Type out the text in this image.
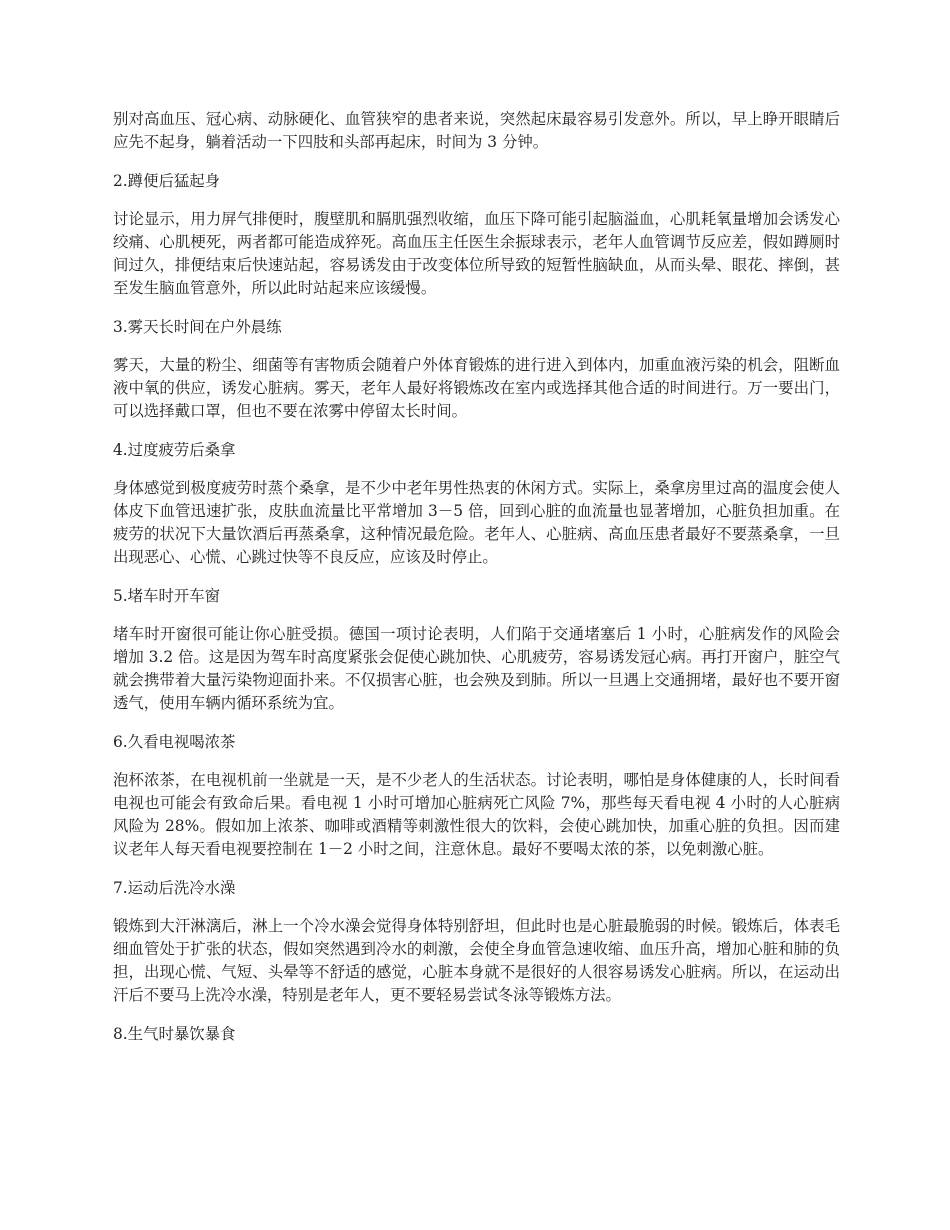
别对高血压、冠心病、动脉硬化、血管狭窄的患者来说，突然起床最容易引发意外。所以，早上睁开眼睛后应先不起身，躺着活动一下四肢和头部再起床，时间为 3 分钟。

2.蹲便后猛起身

讨论显示，用力屏气排便时，腹壁肌和膈肌强烈收缩，血压下降可能引起脑溢血，心肌耗氧量增加会诱发心绞痛、心肌梗死，两者都可能造成猝死。高血压主任医生余振球表示，老年人血管调节反应差，假如蹲厕时间过久，排便结束后快速站起，容易诱发由于改变体位所导致的短暂性脑缺血，从而头晕、眼花、摔倒，甚至发生脑血管意外，所以此时站起来应该缓慢。

3.雾天长时间在户外晨练

雾天，大量的粉尘、细菌等有害物质会随着户外体育锻炼的进行进入到体内，加重血液污染的机会，阻断血液中氧的供应，诱发心脏病。雾天，老年人最好将锻炼改在室内或选择其他合适的时间进行。万一要出门，可以选择戴口罩，但也不要在浓雾中停留太长时间。

4.过度疲劳后桑拿

身体感觉到极度疲劳时蒸个桑拿，是不少中老年男性热衷的休闲方式。实际上，桑拿房里过高的温度会使人体皮下血管迅速扩张，皮肤血流量比平常增加 3－5 倍，回到心脏的血流量也显著增加，心脏负担加重。在疲劳的状况下大量饮酒后再蒸桑拿，这种情况最危险。老年人、心脏病、高血压患者最好不要蒸桑拿，一旦出现恶心、心慌、心跳过快等不良反应，应该及时停止。

5.堵车时开车窗

堵车时开窗很可能让你心脏受损。德国一项讨论表明，人们陷于交通堵塞后 1 小时，心脏病发作的风险会增加 3.2 倍。这是因为驾车时高度紧张会促使心跳加快、心肌疲劳，容易诱发冠心病。再打开窗户，脏空气就会携带着大量污染物迎面扑来。不仅损害心脏，也会殃及到肺。所以一旦遇上交通拥堵，最好也不要开窗透气，使用车辆内循环系统为宜。

6.久看电视喝浓茶

泡杯浓茶，在电视机前一坐就是一天，是不少老人的生活状态。讨论表明，哪怕是身体健康的人，长时间看电视也可能会有致命后果。看电视 1 小时可增加心脏病死亡风险 7%，那些每天看电视 4 小时的人心脏病风险为 28%。假如加上浓茶、咖啡或酒精等刺激性很大的饮料，会使心跳加快，加重心脏的负担。因而建议老年人每天看电视要控制在 1－2 小时之间，注意休息。最好不要喝太浓的茶，以免刺激心脏。

7.运动后洗冷水澡

锻炼到大汗淋漓后，淋上一个冷水澡会觉得身体特别舒坦，但此时也是心脏最脆弱的时候。锻炼后，体表毛细血管处于扩张的状态，假如突然遇到冷水的刺激，会使全身血管急速收缩、血压升高，增加心脏和肺的负担，出现心慌、气短、头晕等不舒适的感觉，心脏本身就不是很好的人很容易诱发心脏病。所以，在运动出汗后不要马上洗冷水澡，特别是老年人，更不要轻易尝试冬泳等锻炼方法。

8.生气时暴饮暴食
